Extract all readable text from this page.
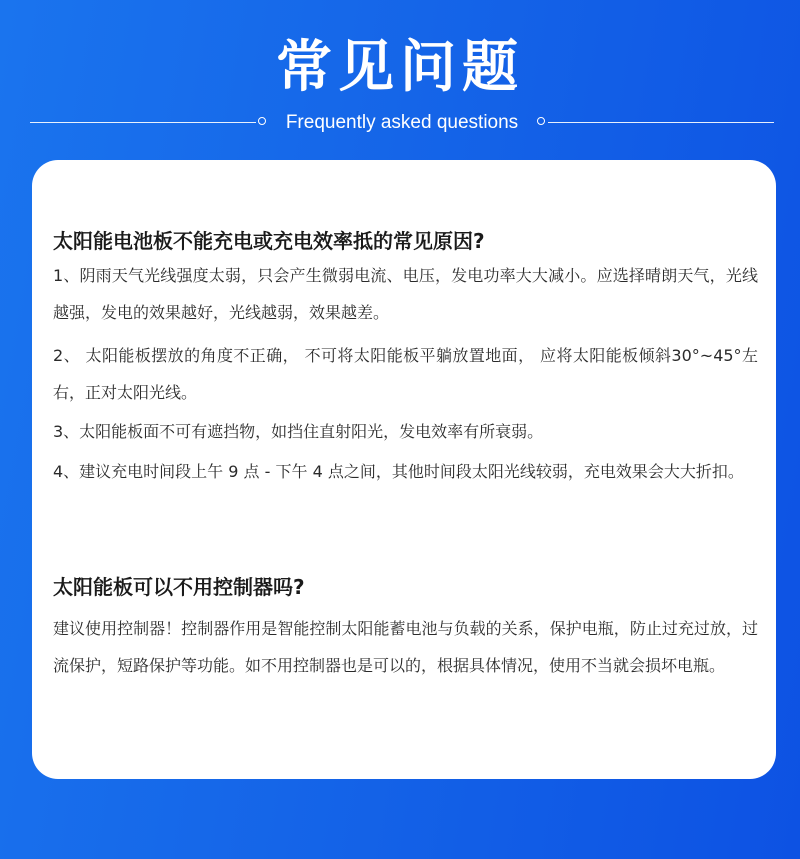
常见问题
Frequently asked questions
太阳能电池板不能充电或充电效率抵的常见原因?
1、阴雨天气光线强度太弱，只会产生微弱电流、电压，发电功率大大减小。应选择晴朗天气，光线越强，发电的效果越好，光线越弱，效果越差。
2、 太阳能板摆放的角度不正确， 不可将太阳能板平躺放置地面， 应将太阳能板倾斜30°~45°左右，正对太阳光线。
3、太阳能板面不可有遮挡物，如挡住直射阳光，发电效率有所衰弱。
4、建议充电时间段上午 9 点 - 下午 4 点之间，其他时间段太阳光线较弱，充电效果会大大折扣。
太阳能板可以不用控制器吗?
建议使用控制器！控制器作用是智能控制太阳能蓄电池与负载的关系，保护电瓶，防止过充过放，过流保护，短路保护等功能。如不用控制器也是可以的，根据具体情况，使用不当就会损坏电瓶。
